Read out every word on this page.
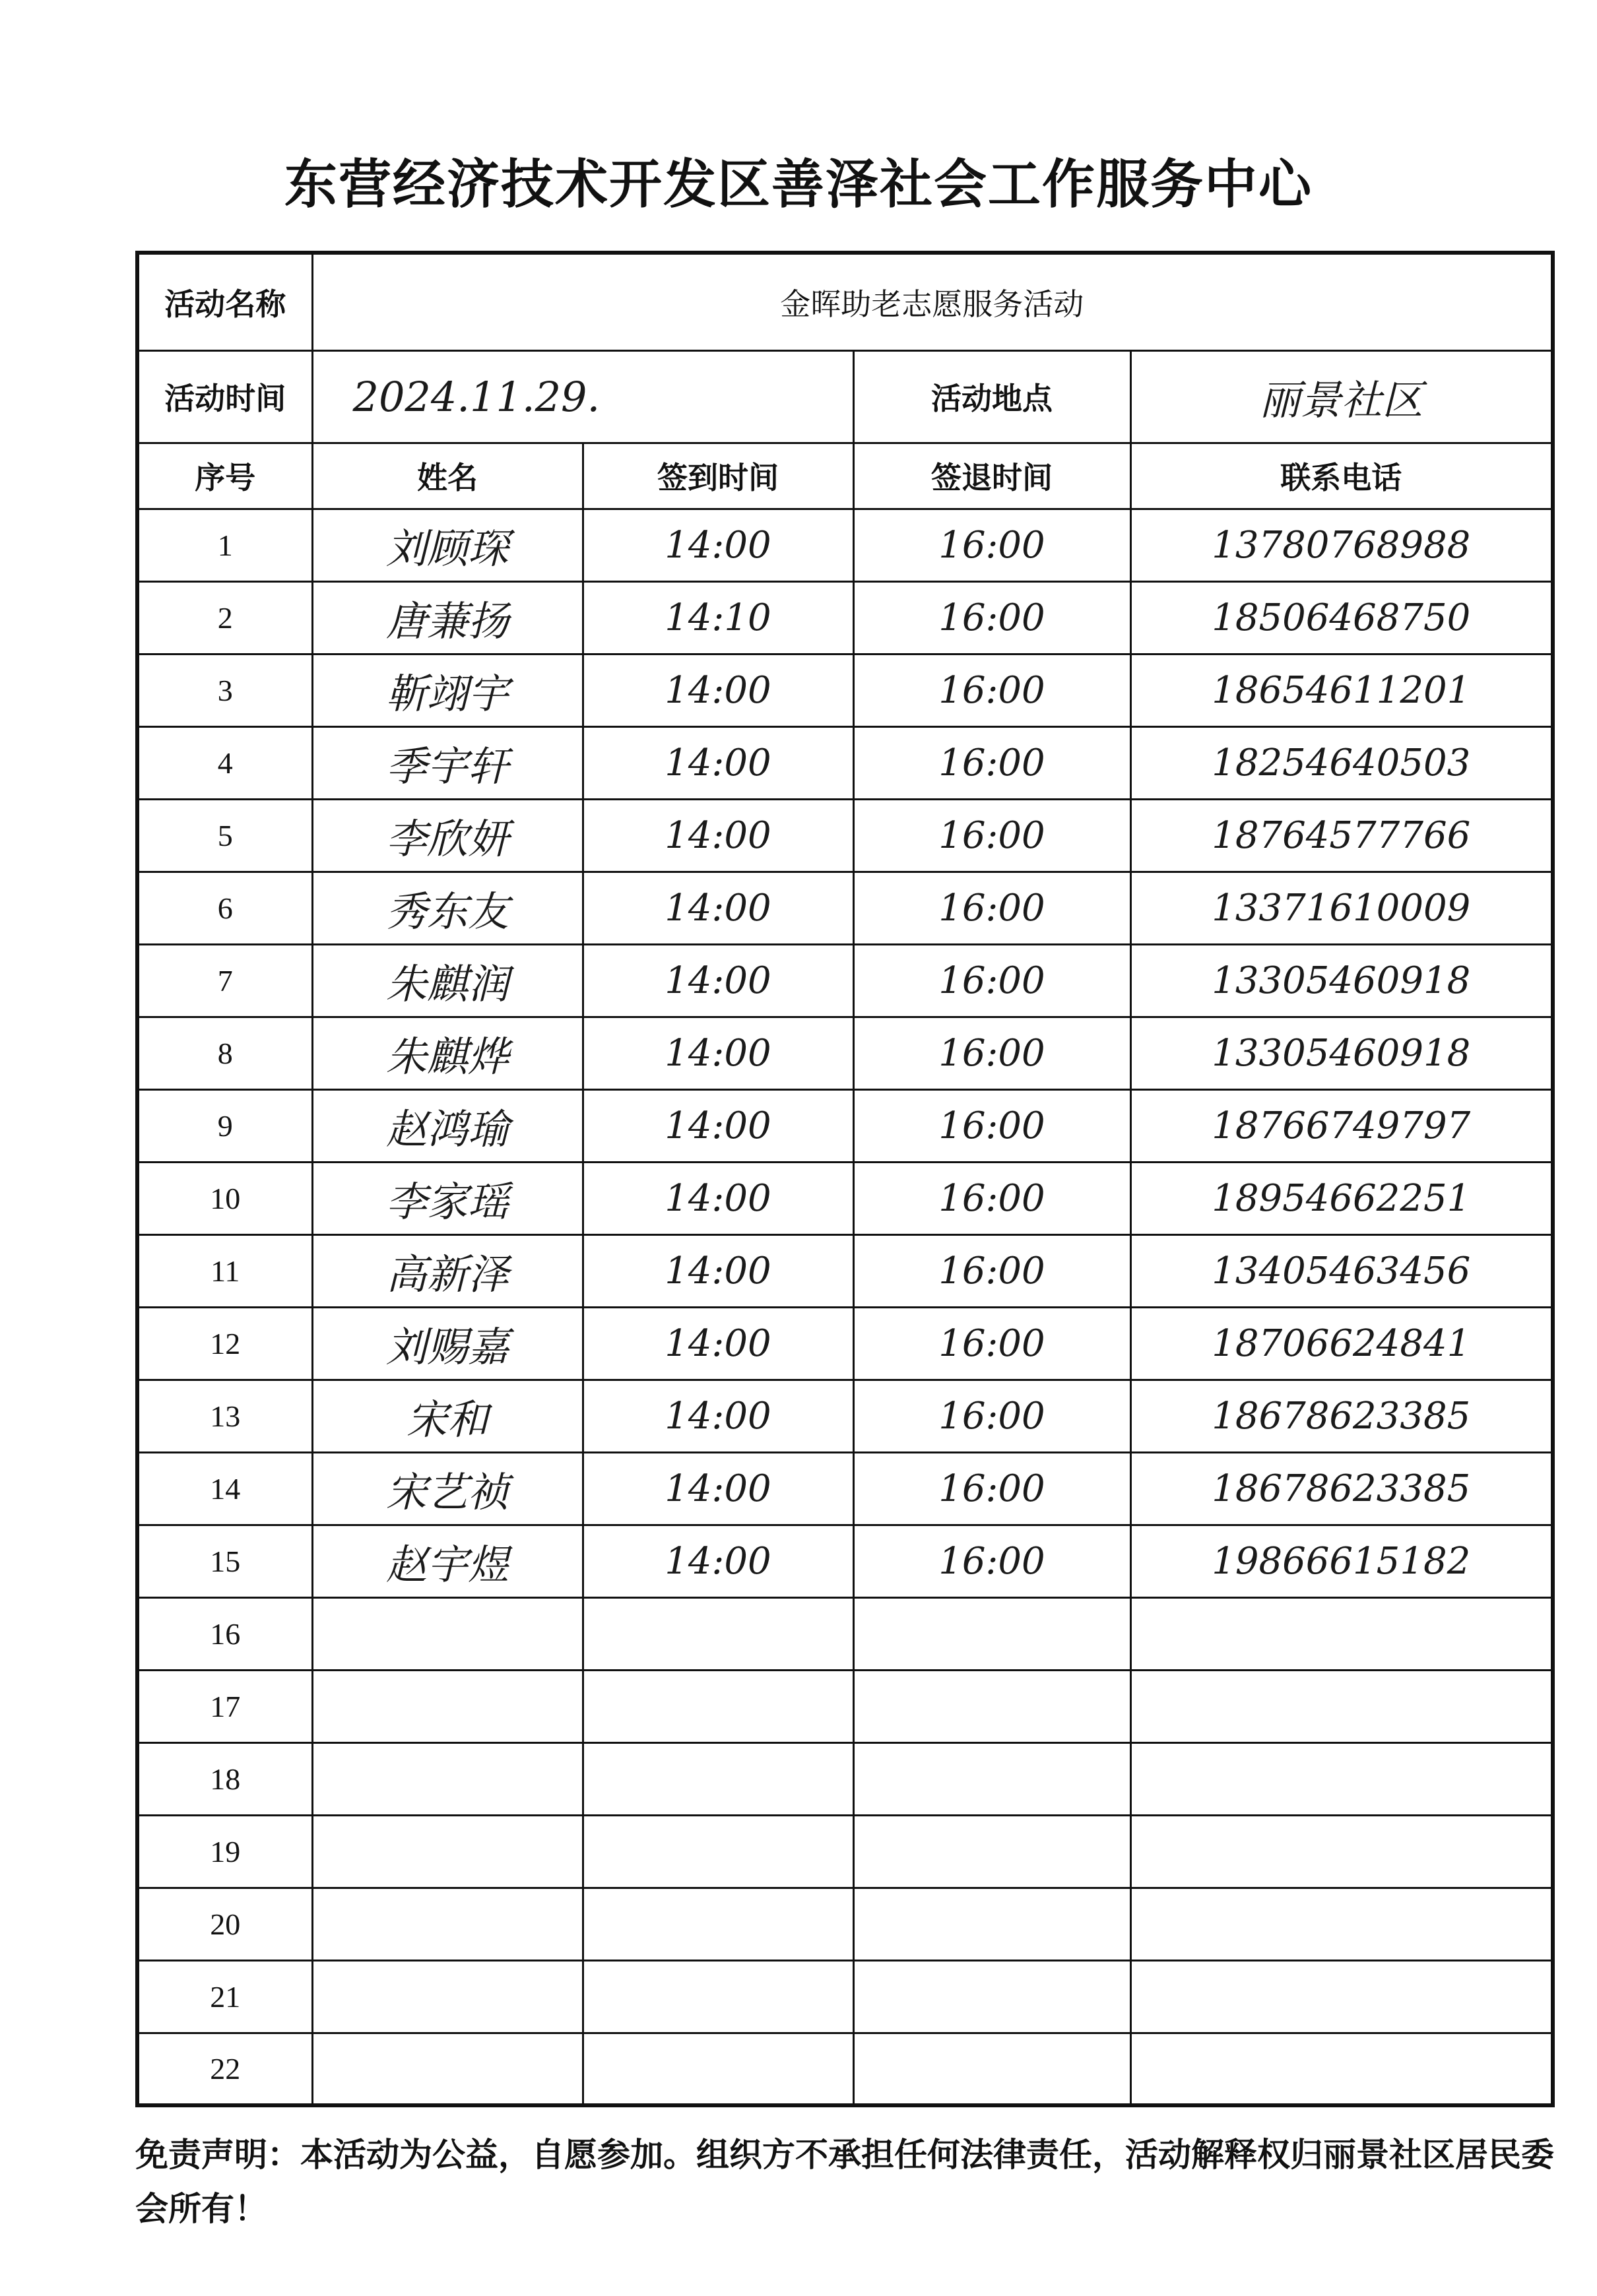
东营经济技术开发区善泽社会工作服务中心
活动名称	金晖助老志愿服务活动			
活动时间	2024.11.29.		活动地点	丽景社区
序号	姓名	签到时间	签退时间	联系电话
1	刘顾琛	14:00	16:00	13780768988
2	唐蒹扬	14:10	16:00	18506468750
3	靳翊宇	14:00	16:00	18654611201
4	季宇轩	14:00	16:00	18254640503
5	李欣妍	14:00	16:00	18764577766
6	秀东友	14:00	16:00	13371610009
7	朱麒润	14:00	16:00	13305460918
8	朱麒烨	14:00	16:00	13305460918
9	赵鸿瑜	14:00	16:00	18766749797
10	李家瑶	14:00	16:00	18954662251
11	高新泽	14:00	16:00	13405463456
12	刘赐嘉	14:00	16:00	18706624841
13	宋和	14:00	16:00	18678623385
14	宋艺祯	14:00	16:00	18678623385
15	赵宇煜	14:00	16:00	19866615182
16				
17				
18				
19				
20				
21				
22				
免责声明：本活动为公益，自愿参加。组织方不承担任何法律责任，活动解释权归丽景社区居民委会所有！
